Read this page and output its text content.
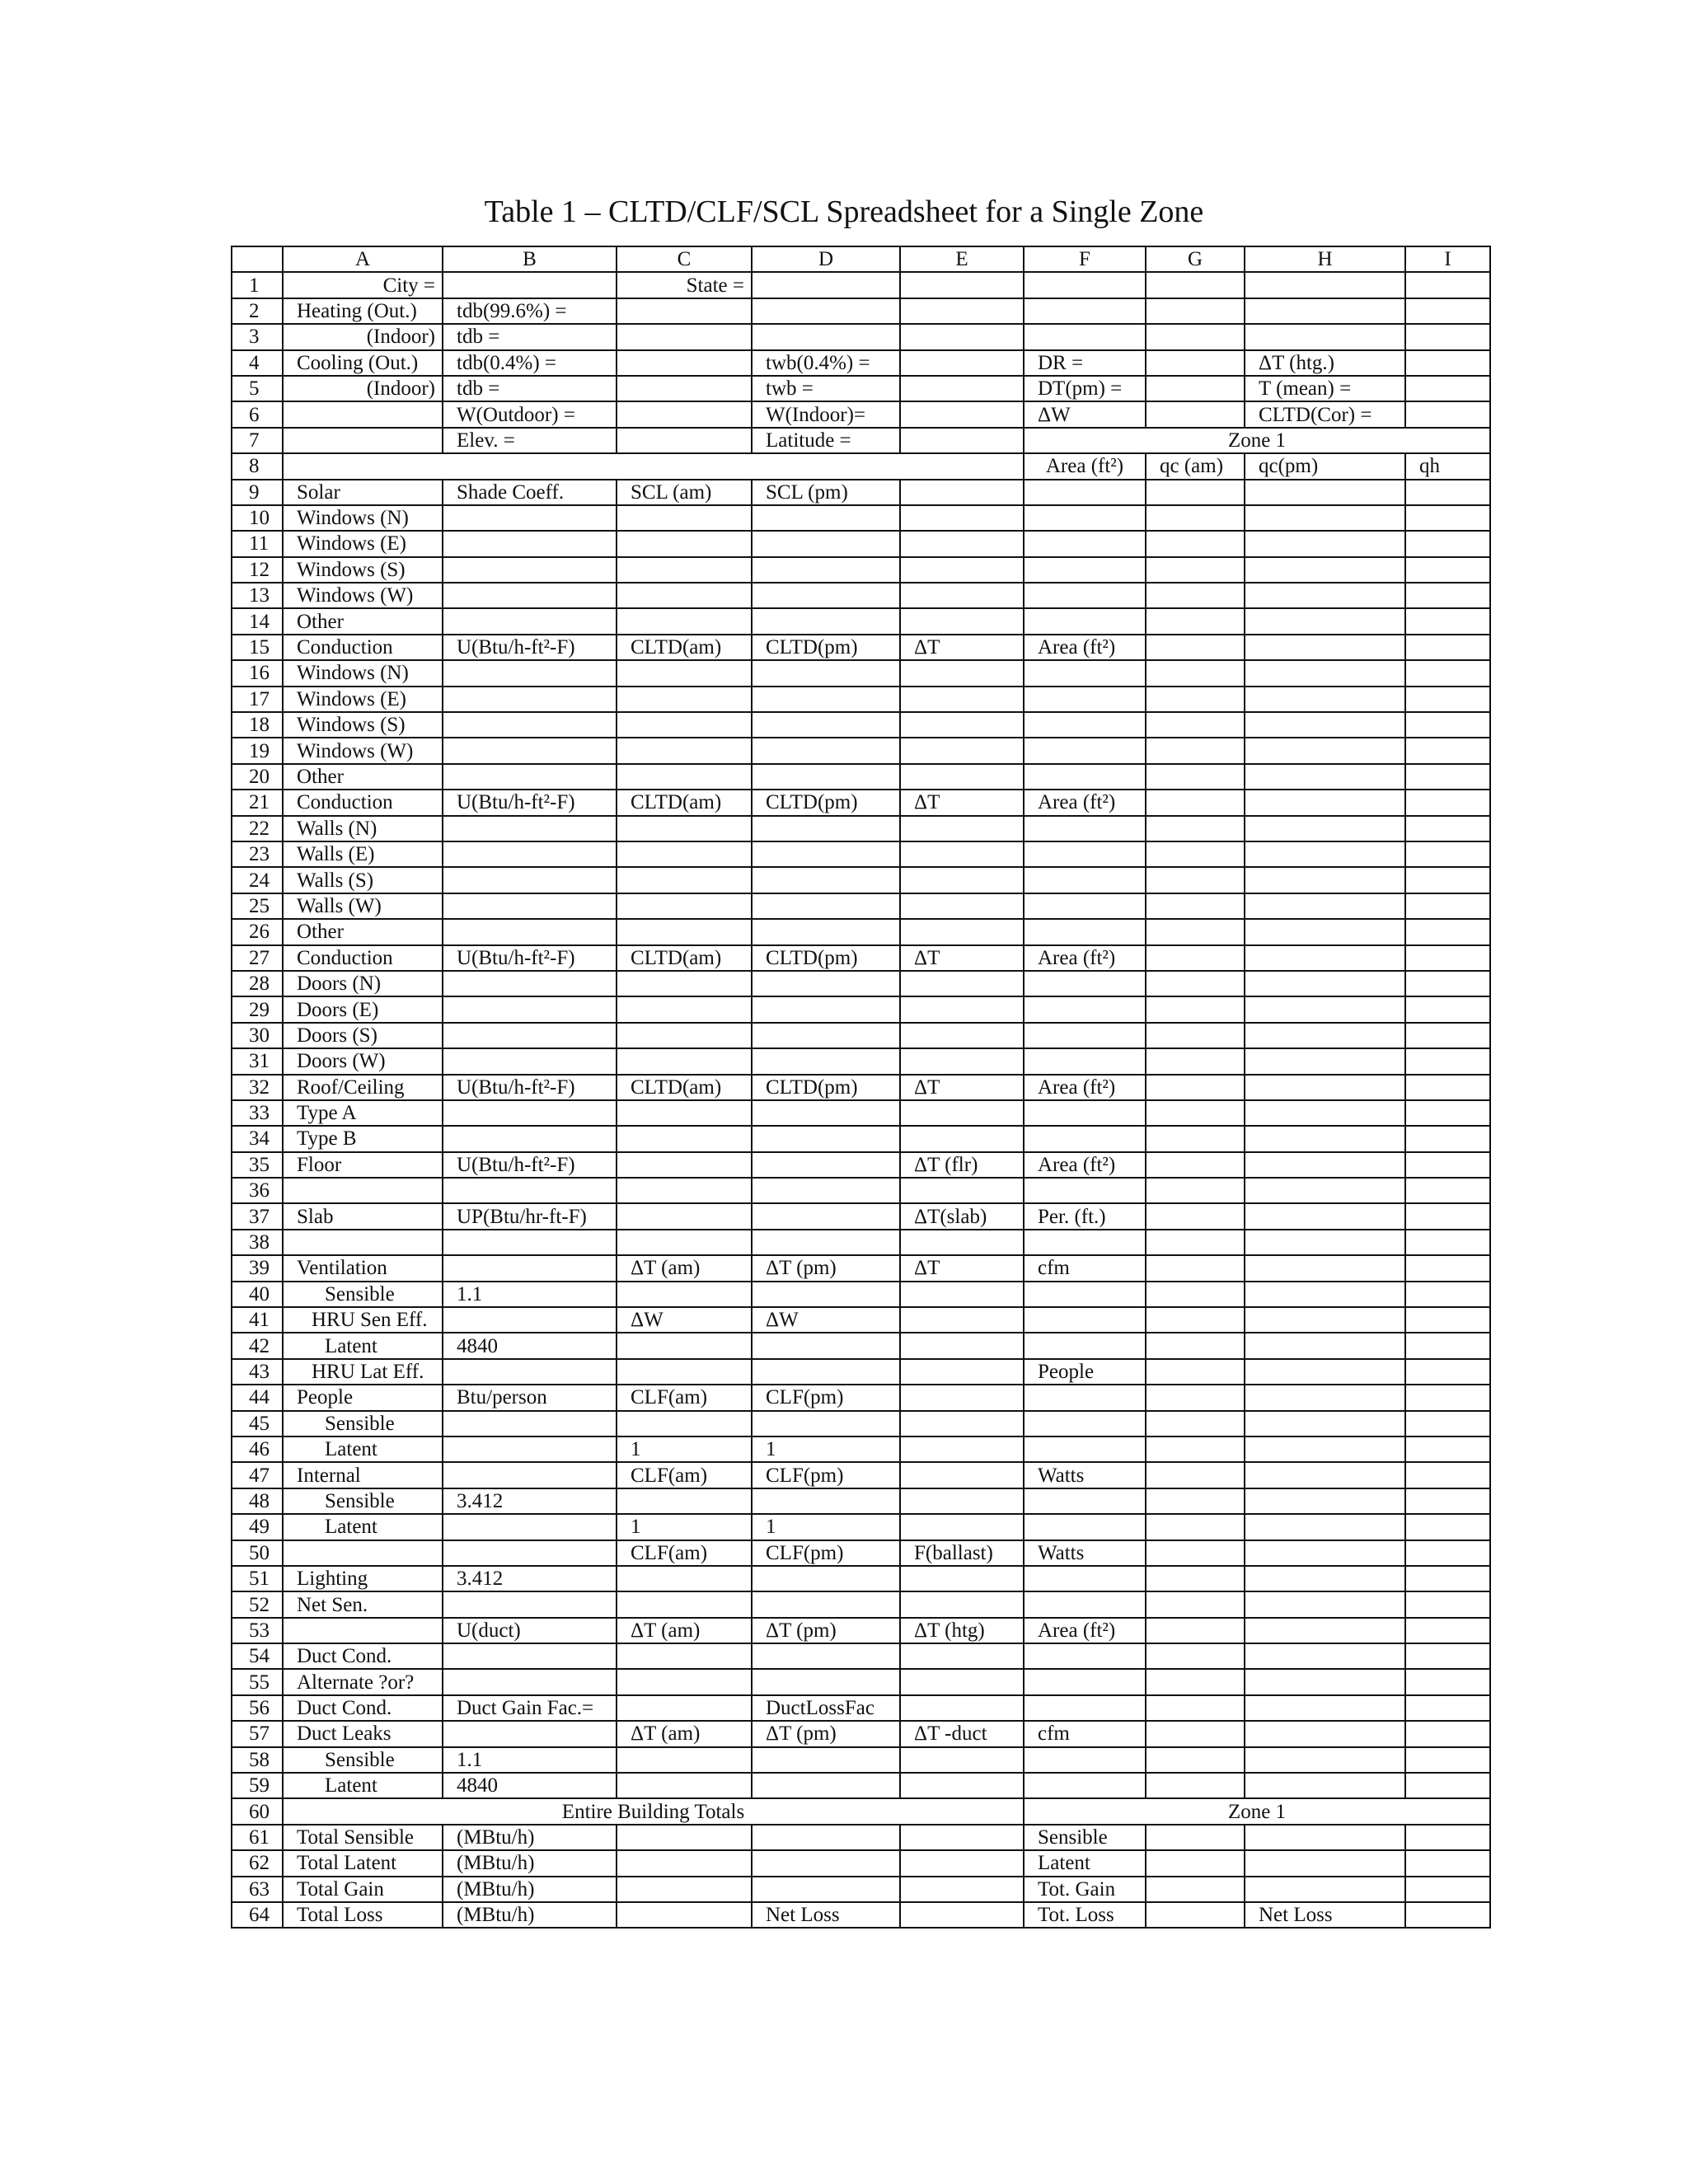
Table 1 – CLTD/CLF/SCL Spreadsheet for a Single Zone
	A	B	C	D	E	F	G	H	I
1	City =		State =						
2	Heating (Out.)	tdb(99.6%) =							
3	(Indoor)	tdb =							
4	Cooling (Out.)	tdb(0.4%) =		twb(0.4%) =		DR =		ΔT (htg.)	
5	(Indoor)	tdb =		twb =		DT(pm) =		T (mean) =	
6		W(Outdoor) =		W(Indoor)=		ΔW		CLTD(Cor) =	
7		Elev. =		Latitude =		Zone 1			
8						Area (ft²)	qc (am)	qc(pm)	qh
9	Solar	Shade Coeff.	SCL (am)	SCL (pm)					
10	Windows (N)								
11	Windows (E)								
12	Windows (S)								
13	Windows (W)								
14	Other								
15	Conduction	U(Btu/h-ft²-F)	CLTD(am)	CLTD(pm)	ΔT	Area (ft²)			
16	Windows (N)								
17	Windows (E)								
18	Windows (S)								
19	Windows (W)								
20	Other								
21	Conduction	U(Btu/h-ft²-F)	CLTD(am)	CLTD(pm)	ΔT	Area (ft²)			
22	Walls (N)								
23	Walls (E)								
24	Walls (S)								
25	Walls (W)								
26	Other								
27	Conduction	U(Btu/h-ft²-F)	CLTD(am)	CLTD(pm)	ΔT	Area (ft²)			
28	Doors (N)								
29	Doors (E)								
30	Doors (S)								
31	Doors (W)								
32	Roof/Ceiling	U(Btu/h-ft²-F)	CLTD(am)	CLTD(pm)	ΔT	Area (ft²)			
33	Type A								
34	Type B								
35	Floor	U(Btu/h-ft²-F)			ΔT (flr)	Area (ft²)			
36									
37	Slab	UP(Btu/hr-ft-F)			ΔT(slab)	Per. (ft.)			
38									
39	Ventilation		ΔT (am)	ΔT (pm)	ΔT	cfm			
40	Sensible	1.1							
41	HRU Sen Eff.		ΔW	ΔW					
42	Latent	4840							
43	HRU Lat Eff.					People			
44	People	Btu/person	CLF(am)	CLF(pm)					
45	Sensible								
46	Latent		1	1					
47	Internal		CLF(am)	CLF(pm)		Watts			
48	Sensible	3.412							
49	Latent		1	1					
50			CLF(am)	CLF(pm)	F(ballast)	Watts			
51	Lighting	3.412							
52	Net Sen.								
53		U(duct)	ΔT (am)	ΔT (pm)	ΔT (htg)	Area (ft²)			
54	Duct Cond.								
55	Alternate ?or?								
56	Duct Cond.	Duct Gain Fac.=		DuctLossFac					
57	Duct Leaks		ΔT (am)	ΔT (pm)	ΔT -duct	cfm			
58	Sensible	1.1							
59	Latent	4840							
60	Entire Building Totals					Zone 1			
61	Total Sensible	(MBtu/h)				Sensible			
62	Total Latent	(MBtu/h)				Latent			
63	Total Gain	(MBtu/h)				Tot. Gain			
64	Total Loss	(MBtu/h)		Net Loss		Tot. Loss		Net Loss	
